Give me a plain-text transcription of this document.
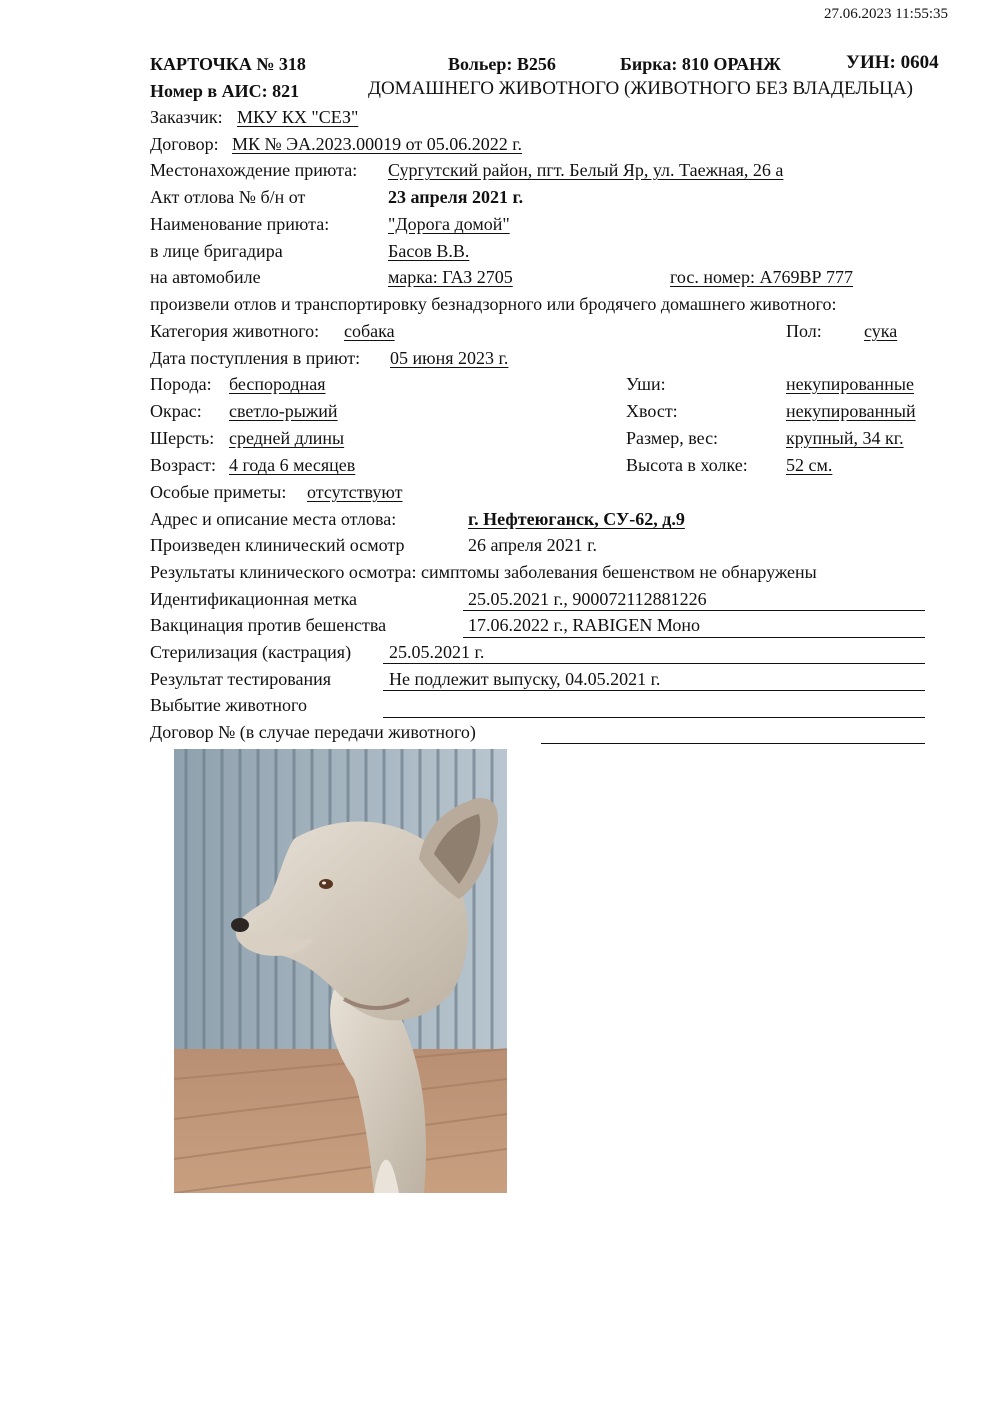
27.06.2023 11:55:35
КАРТОЧКА № 318	Вольер: B256	Бирка: 810 ОРАНЖ	УИН: 0604
Номер в АИС: 821	ДОМАШНЕГО ЖИВОТНОГО (ЖИВОТНОГО БЕЗ ВЛАДЕЛЬЦА)
Заказчик: МКУ КХ "СЕЗ"
Договор: МК № ЭА.2023.00019 от 05.06.2022 г.
Местонахождение приюта: Сургутский район, пгт. Белый Яр, ул. Таежная, 26 а
Акт отлова № б/н от	23 апреля 2021 г.
Наименование приюта:	"Дорога домой"
в лице бригадира	Басов В.В.
на автомобиле	марка: ГАЗ 2705	гос. номер: А769ВР 777
произвели отлов и транспортировку безнадзорного или бродячего домашнего животного:
Категория животного: собака	Пол: сука
Дата поступления в приют: 05 июня 2023 г.
Порода: беспородная	Уши:	некупированные
Окрас: светло-рыжий	Хвост:	некупированный
Шерсть: средней длины	Размер, вес:	крупный, 34 кг.
Возраст: 4 года 6 месяцев	Высота в холке: 52 см.
Особые приметы: отсутствуют
Адрес и описание места отлова:	г. Нефтеюганск, СУ-62, д.9
Произведен клинический осмотр	26 апреля 2021 г.
Результаты клинического осмотра: симптомы заболевания бешенством не обнаружены
Идентификационная метка	25.05.2021 г., 900072112881226
Вакцинация против бешенства	17.06.2022 г., RABIGEN Моно
Стерилизация (кастрация) 25.05.2021 г.
Результат тестирования	Не подлежит выпуску, 04.05.2021 г.
Выбытие животного
Договор № (в случае передачи животного)
